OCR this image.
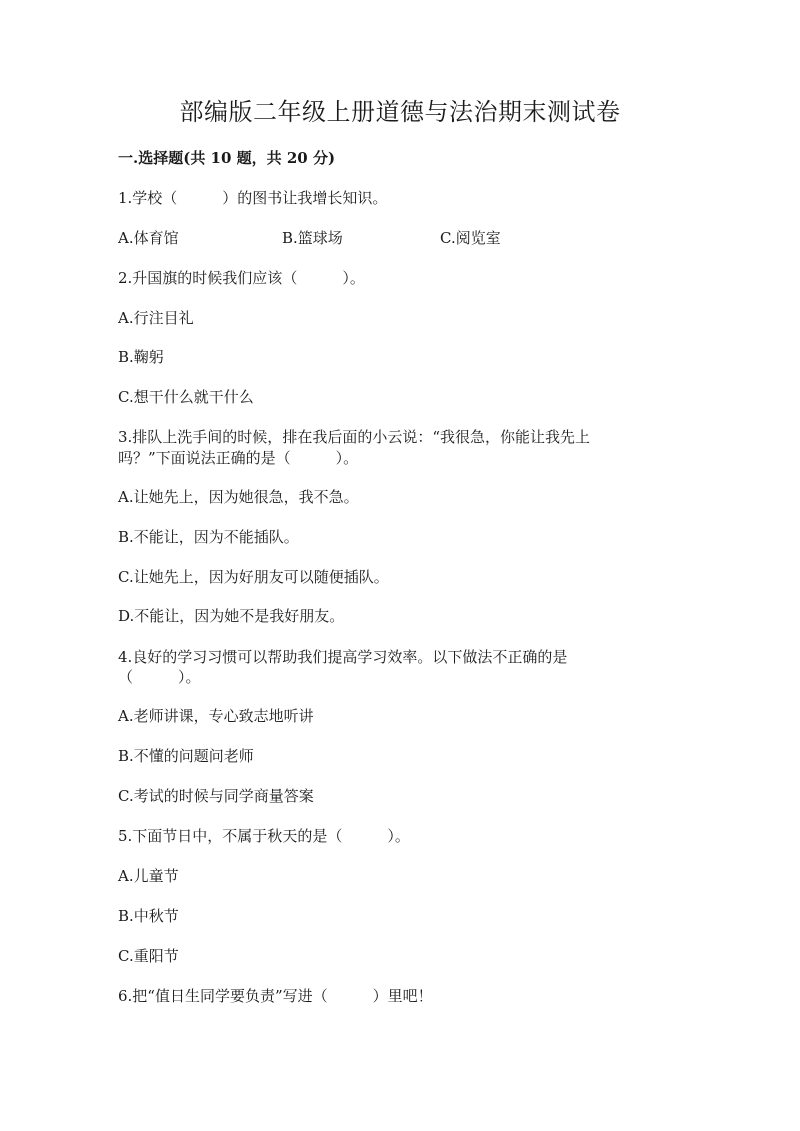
部编版二年级上册道德与法治期末测试卷
一.选择题(共 10 题，共 20 分)
1.学校（　　　）的图书让我增长知识。

A.体育馆

	B.篮球场

	C.阅览室

2.升国旗的时候我们应该（　　　）。
A.行注目礼
B.鞠躬
C.想干什么就干什么
3.排队上洗手间的时候，排在我后面的小云说：“我很急，你能让我先上
吗？”下面说法正确的是（　　　）。
A.让她先上，因为她很急，我不急。
B.不能让，因为不能插队。
C.让她先上，因为好朋友可以随便插队。
D.不能让，因为她不是我好朋友。
4.良好的学习习惯可以帮助我们提高学习效率。以下做法不正确的是
（　　　）。
A.老师讲课，专心致志地听讲
B.不懂的问题问老师
C.考试的时候与同学商量答案
5.下面节日中，不属于秋天的是（　　　）。
A.儿童节
B.中秋节
C.重阳节
6.把“值日生同学要负责”写进（　　　）里吧！
